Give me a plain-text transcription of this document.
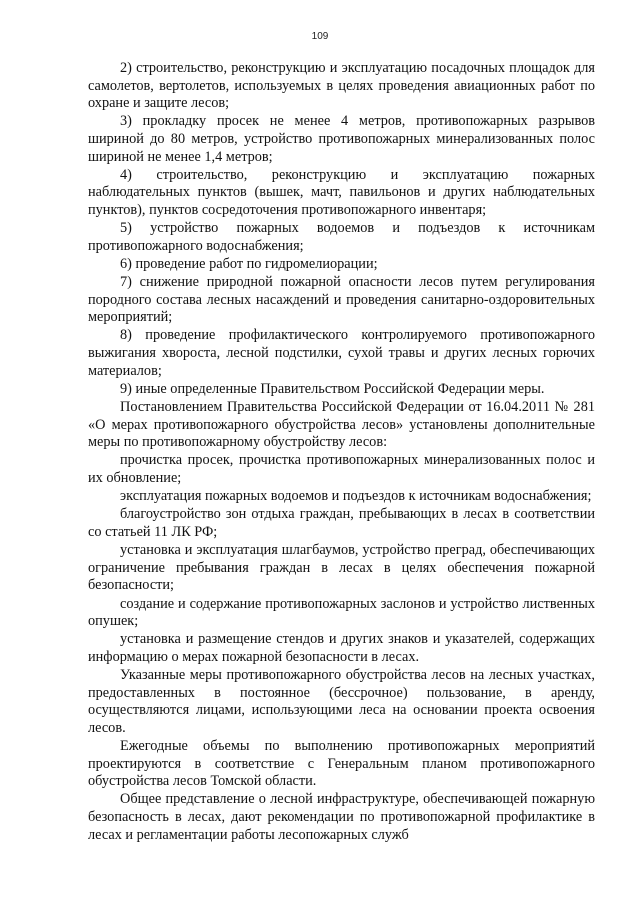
109

2) строительство, реконструкцию и эксплуатацию посадочных площадок для самолетов, вертолетов, используемых в целях проведения авиационных работ по охране и защите лесов;

3) прокладку просек не менее 4 метров, противопожарных разрывов шириной до 80 метров, устройство противопожарных минерализованных полос шириной не менее 1,4 метров;

4) строительство, реконструкцию и эксплуатацию пожарных наблюдательных пунктов (вышек, мачт, павильонов и других наблюдательных пунктов), пунктов сосредоточения противопожарного инвентаря;

5) устройство пожарных водоемов и подъездов к источникам противопожарного водоснабжения;

6) проведение работ по гидромелиорации;

7) снижение природной пожарной опасности лесов путем регулирования породного состава лесных насаждений и проведения санитарно-оздоровительных мероприятий;

8) проведение профилактического контролируемого противопожарного выжигания хвороста, лесной подстилки, сухой травы и других лесных горючих материалов;

9) иные определенные Правительством Российской Федерации меры.

Постановлением Правительства Российской Федерации от 16.04.2011 № 281 «О мерах противопожарного обустройства лесов» установлены дополнительные меры по противопожарному обустройству лесов:

прочистка просек, прочистка противопожарных минерализованных полос и их обновление;

эксплуатация пожарных водоемов и подъездов к источникам водоснабжения;

благоустройство зон отдыха граждан, пребывающих в лесах в соответствии со статьей 11 ЛК РФ;

установка и эксплуатация шлагбаумов, устройство преград, обеспечивающих ограничение пребывания граждан в лесах в целях обеспечения пожарной безопасности;

создание и содержание противопожарных заслонов и устройство лиственных опушек;

установка и размещение стендов и других знаков и указателей, содержащих информацию о мерах пожарной безопасности в лесах.

Указанные меры противопожарного обустройства лесов на лесных участках, предоставленных в постоянное (бессрочное) пользование, в аренду, осуществляются лицами, использующими леса на основании проекта освоения лесов.

Ежегодные объемы по выполнению противопожарных мероприятий проектируются в соответствие с Генеральным планом противопожарного обустройства лесов Томской области.

Общее представление о лесной инфраструктуре, обеспечивающей пожарную безопасность в лесах, дают рекомендации по противопожарной профилактике в лесах и регламентации работы лесопожарных служб
